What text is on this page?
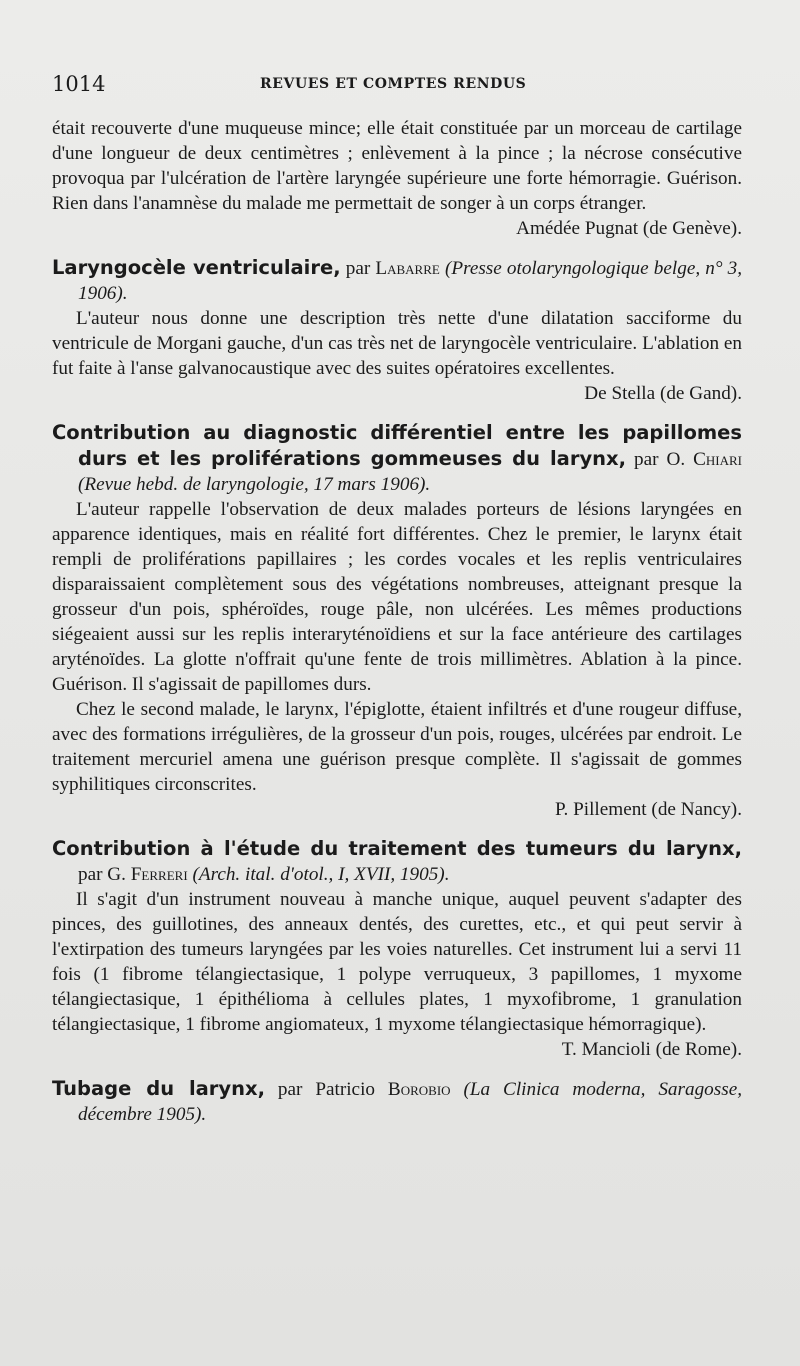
1014	REVUES ET COMPTES RENDUS

était recouverte d'une muqueuse mince; elle était constituée par un morceau de cartilage d'une longueur de deux centimètres ; enlèvement à la pince ; la nécrose consécutive provoqua par l'ulcération de l'artère laryngée supérieure une forte hémorragie. Guérison. Rien dans l'anamnèse du malade me permettait de songer à un corps étranger.

Amédée Pugnat (de Genève).

Laryngocèle ventriculaire, par Labarre (Presse otolaryngologique belge, n° 3, 1906).

L'auteur nous donne une description très nette d'une dilatation sacciforme du ventricule de Morgani gauche, d'un cas très net de laryngocèle ventriculaire. L'ablation en fut faite à l'anse galvanocaustique avec des suites opératoires excellentes.

De Stella (de Gand).

Contribution au diagnostic différentiel entre les papillomes durs et les proliférations gommeuses du larynx, par O. Chiari (Revue hebd. de laryngologie, 17 mars 1906).

L'auteur rappelle l'observation de deux malades porteurs de lésions laryngées en apparence identiques, mais en réalité fort différentes. Chez le premier, le larynx était rempli de proliférations papillaires ; les cordes vocales et les replis ventriculaires disparaissaient complètement sous des végétations nombreuses, atteignant presque la grosseur d'un pois, sphéroïdes, rouge pâle, non ulcérées. Les mêmes productions siégeaient aussi sur les replis interaryténoïdiens et sur la face antérieure des cartilages aryténoïdes. La glotte n'offrait qu'une fente de trois millimètres. Ablation à la pince. Guérison. Il s'agissait de papillomes durs.

Chez le second malade, le larynx, l'épiglotte, étaient infiltrés et d'une rougeur diffuse, avec des formations irrégulières, de la grosseur d'un pois, rouges, ulcérées par endroit. Le traitement mercuriel amena une guérison presque complète. Il s'agissait de gommes syphilitiques circonscrites.

P. Pillement (de Nancy).

Contribution à l'étude du traitement des tumeurs du larynx, par G. Ferreri (Arch. ital. d'otol., I, XVII, 1905).

Il s'agit d'un instrument nouveau à manche unique, auquel peuvent s'adapter des pinces, des guillotines, des anneaux dentés, des curettes, etc., et qui peut servir à l'extirpation des tumeurs laryngées par les voies naturelles. Cet instrument lui a servi 11 fois (1 fibrome télangiectasique, 1 polype verruqueux, 3 papillomes, 1 myxome télangiectasique, 1 épithélioma à cellules plates, 1 myxofibrome, 1 granulation télangiectasique, 1 fibrome angiomateux, 1 myxome télangiectasique hémorragique).

T. Mancioli (de Rome).

Tubage du larynx, par Patricio Borobio (La Clinica moderna, Saragosse, décembre 1905).
